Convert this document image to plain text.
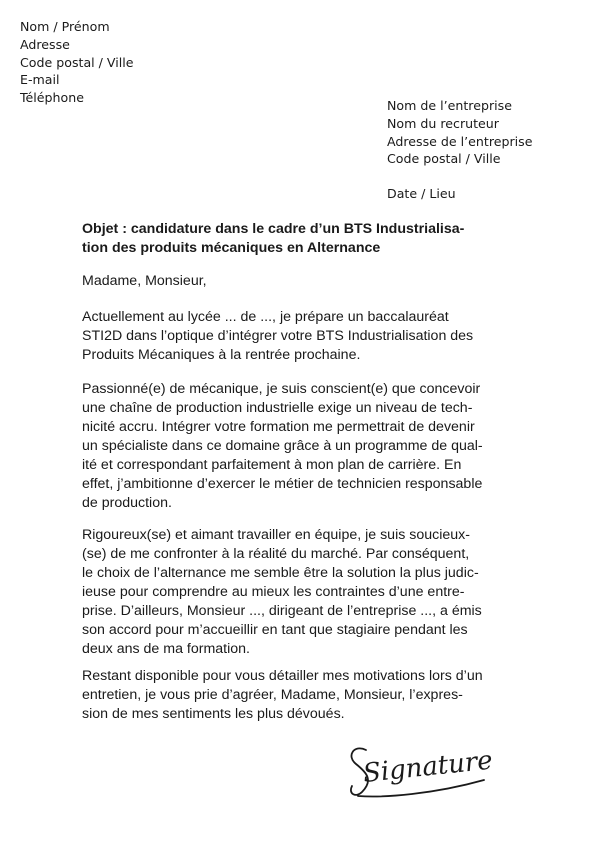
Nom / Prénom
Adresse
Code postal / Ville
E-mail
Téléphone
Nom de l’entreprise
Nom du recruteur
Adresse de l’entreprise
Code postal / Ville
Date / Lieu
Objet : candidature dans le cadre d’un BTS Industrialisa-
tion des produits mécaniques en Alternance
Madame, Monsieur,
Actuellement au lycée ... de ..., je prépare un baccalauréat
STI2D dans l’optique d’intégrer votre BTS Industrialisation des
Produits Mécaniques à la rentrée prochaine.
Passionné(e) de mécanique, je suis conscient(e) que concevoir
une chaîne de production industrielle exige un niveau de tech-
nicité accru. Intégrer votre formation me permettrait de devenir
un spécialiste dans ce domaine grâce à un programme de qual-
ité et correspondant parfaitement à mon plan de carrière. En
effet, j’ambitionne d’exercer le métier de technicien responsable
de production.
Rigoureux(se) et aimant travailler en équipe, je suis soucieux-
(se) de me confronter à la réalité du marché. Par conséquent,
le choix de l’alternance me semble être la solution la plus judic-
ieuse pour comprendre au mieux les contraintes d’une entre-
prise. D’ailleurs, Monsieur ..., dirigeant de l’entreprise ..., a émis
son accord pour m’accueillir en tant que stagiaire pendant les
deux ans de ma formation.
Restant disponible pour vous détailler mes motivations lors d’un
entretien, je vous prie d’agréer, Madame, Monsieur, l’expres-
sion de mes sentiments les plus dévoués.
Signature
